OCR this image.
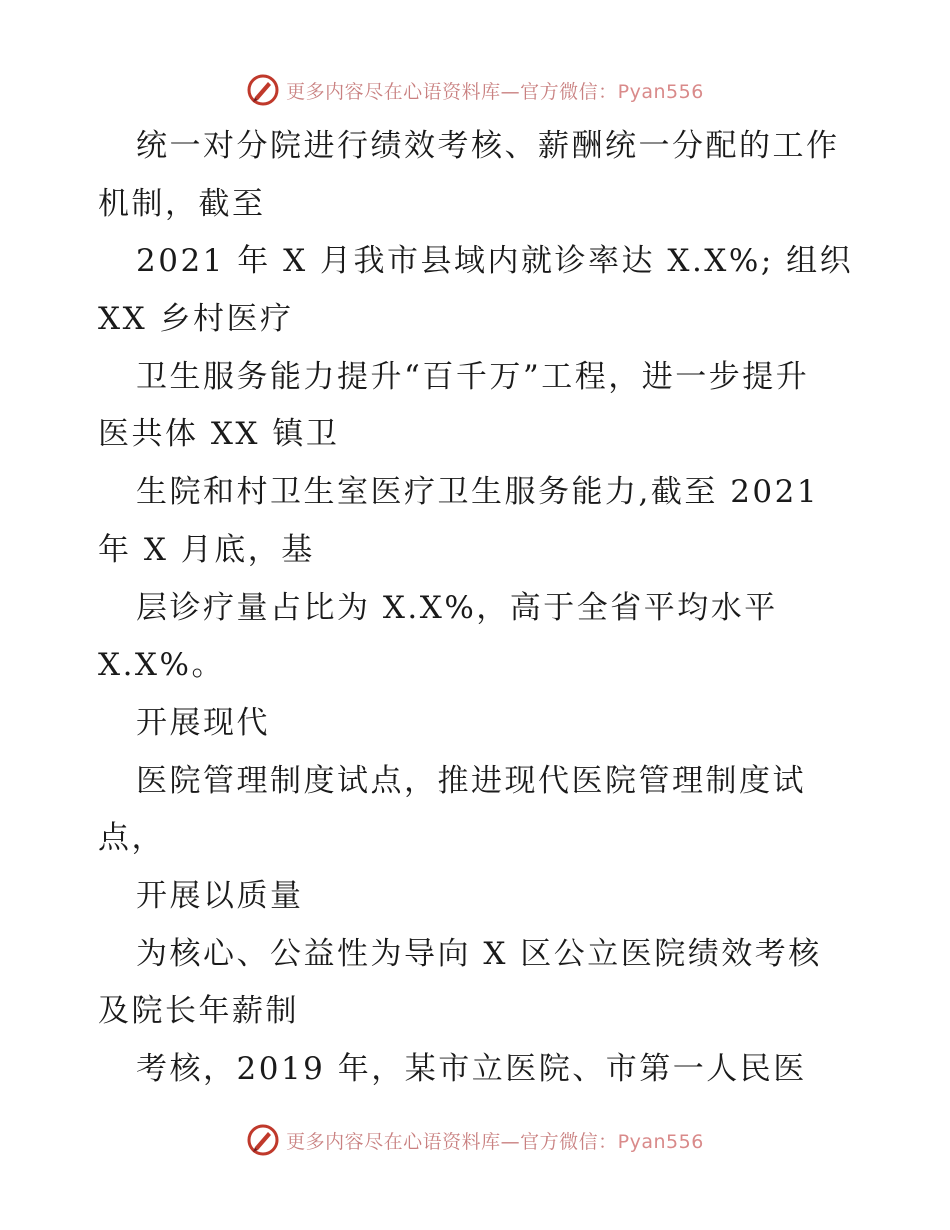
更多内容尽在心语资料库—官方微信：Pyan556
统一对分院进行绩效考核、薪酬统一分配的工作
机制，截至
2021 年 X 月我市县域内就诊率达 X.X%; 组织
XX 乡村医疗
卫生服务能力提升“百千万”工程，进一步提升
医共体 XX 镇卫
生院和村卫生室医疗卫生服务能力,截至 2021
年 X 月底，基
层诊疗量占比为 X.X%，高于全省平均水平
X.X%。
开展现代
医院管理制度试点，推进现代医院管理制度试
点，
开展以质量
为核心、公益性为导向 X 区公立医院绩效考核
及院长年薪制
考核，2019 年，某市立医院、市第一人民医
更多内容尽在心语资料库—官方微信：Pyan556
